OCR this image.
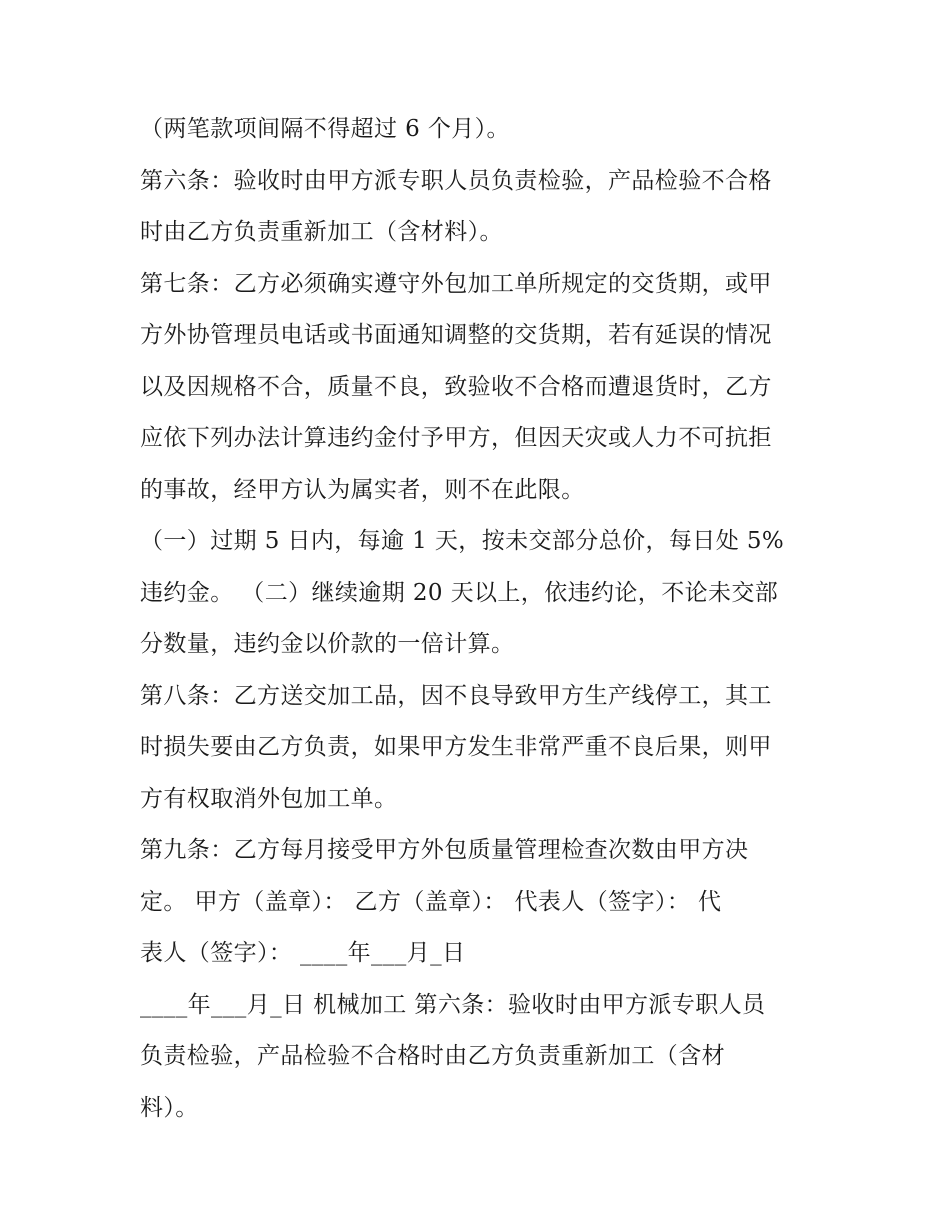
（两笔款项间隔不得超过 6 个月）。
第六条：验收时由甲方派专职人员负责检验，产品检验不合格
时由乙方负责重新加工（含材料）。
第七条：乙方必须确实遵守外包加工单所规定的交货期，或甲
方外协管理员电话或书面通知调整的交货期，若有延误的情况
以及因规格不合，质量不良，致验收不合格而遭退货时，乙方
应依下列办法计算违约金付予甲方，但因天灾或人力不可抗拒
的事故，经甲方认为属实者，则不在此限。
（一）过期 5 日内，每逾 1 天，按未交部分总价，每日处 5%
违约金。 （二）继续逾期 20 天以上，依违约论，不论未交部
分数量，违约金以价款的一倍计算。
第八条：乙方送交加工品，因不良导致甲方生产线停工，其工
时损失要由乙方负责，如果甲方发生非常严重不良后果，则甲
方有权取消外包加工单。
第九条：乙方每月接受甲方外包质量管理检查次数由甲方决
定。 甲方（盖章）： 乙方（盖章）： 代表人（签字）： 代
表人（签字）： ____年___月_日
____年___月_日 机械加工 第六条：验收时由甲方派专职人员
负责检验，产品检验不合格时由乙方负责重新加工（含材
料）。
